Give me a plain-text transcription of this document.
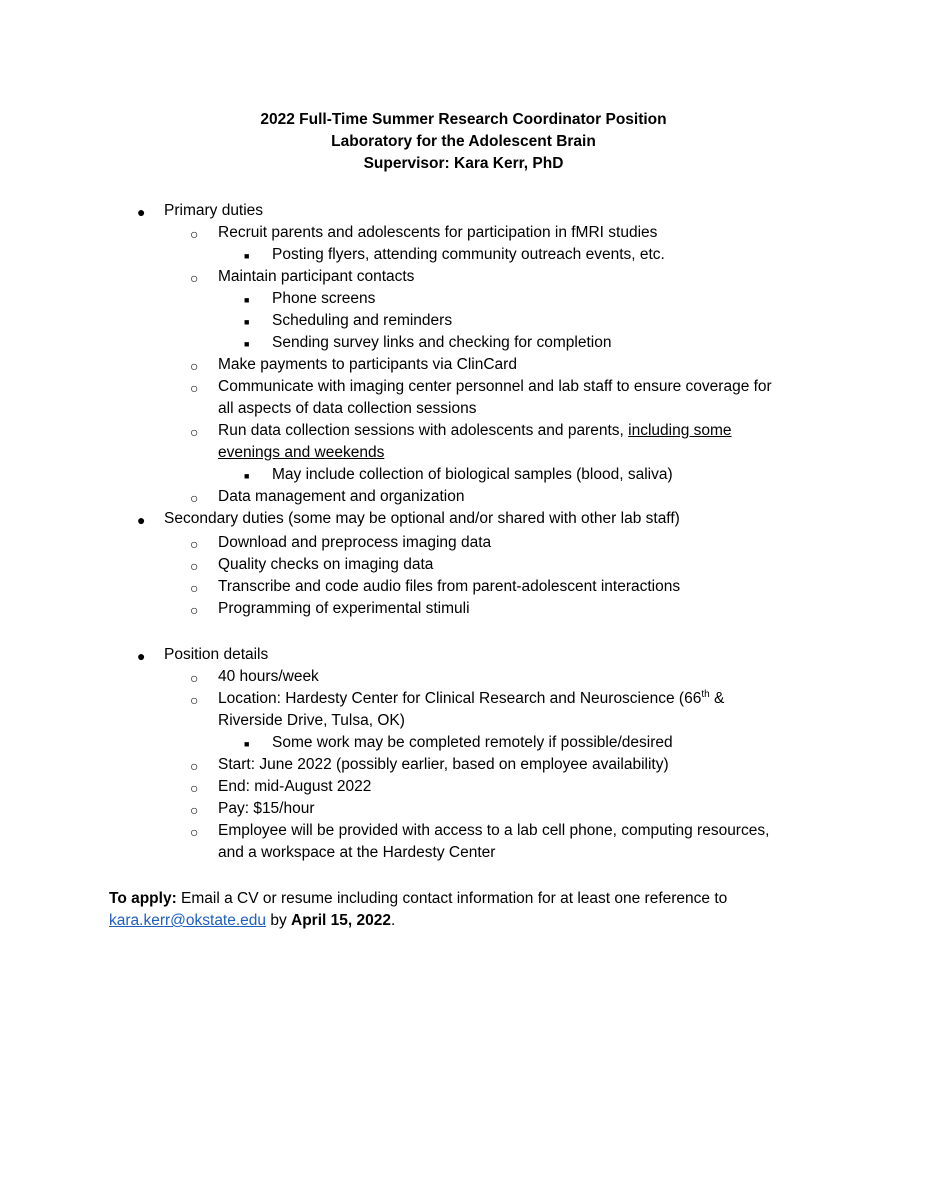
2022 Full-Time Summer Research Coordinator Position
Laboratory for the Adolescent Brain
Supervisor: Kara Kerr, PhD
● Primary duties
○ Recruit parents and adolescents for participation in fMRI studies
■ Posting flyers, attending community outreach events, etc.
○ Maintain participant contacts
■ Phone screens
■ Scheduling and reminders
■ Sending survey links and checking for completion
○ Make payments to participants via ClinCard
○ Communicate with imaging center personnel and lab staff to ensure coverage for
all aspects of data collection sessions
○ Run data collection sessions with adolescents and parents, including some
evenings and weekends
■ May include collection of biological samples (blood, saliva)
○ Data management and organization
● Secondary duties (some may be optional and/or shared with other lab staff)
○ Download and preprocess imaging data
○ Quality checks on imaging data
○ Transcribe and code audio files from parent-adolescent interactions
○ Programming of experimental stimuli
● Position details
○ 40 hours/week
○ Location: Hardesty Center for Clinical Research and Neuroscience (66th &
Riverside Drive, Tulsa, OK)
■ Some work may be completed remotely if possible/desired
○ Start: June 2022 (possibly earlier, based on employee availability)
○ End: mid-August 2022
○ Pay: $15/hour
○ Employee will be provided with access to a lab cell phone, computing resources,
and a workspace at the Hardesty Center
To apply: Email a CV or resume including contact information for at least one reference to
kara.kerr@okstate.edu by April 15, 2022.
